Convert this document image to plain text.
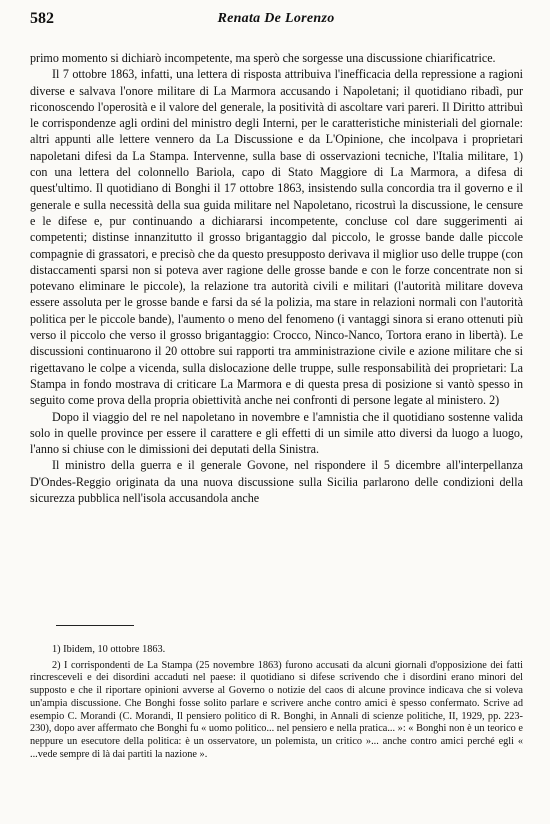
582	Renata De Lorenzo

primo momento si dichiarò incompetente, ma sperò che sorgesse una discussione chiarificatrice.

Il 7 ottobre 1863, infatti, una lettera di risposta attribuiva l'inefficacia della repressione a ragioni diverse e salvava l'onore militare di La Marmora accusando i Napoletani; il quotidiano ribadì, pur riconoscendo l'operosità e il valore del generale, la positività di ascoltare vari pareri. Il Diritto attribuì le corrispondenze agli ordini del ministro degli Interni, per le caratteristiche ministeriali del giornale: altri appunti alle lettere vennero da La Discussione e da L'Opinione, che incolpava i proprietari napoletani difesi da La Stampa. Intervenne, sulla base di osservazioni tecniche, l'Italia militare, 1) con una lettera del colonnello Bariola, capo di Stato Maggiore di La Marmora, a difesa di quest'ultimo. Il quotidiano di Bonghi il 17 ottobre 1863, insistendo sulla concordia tra il governo e il generale e sulla necessità della sua guida militare nel Napoletano, ricostruì la discussione, le censure e le difese e, pur continuando a dichiararsi incompetente, concluse col dare suggerimenti ai competenti; distinse innanzitutto il grosso brigantaggio dal piccolo, le grosse bande dalle piccole compagnie di grassatori, e precisò che da questo presupposto derivava il miglior uso delle truppe (con distaccamenti sparsi non si poteva aver ragione delle grosse bande e con le forze concentrate non si potevano eliminare le piccole), la relazione tra autorità civili e militari (l'autorità militare doveva essere assoluta per le grosse bande e farsi da sé la polizia, ma stare in relazioni normali con l'autorità politica per le piccole bande), l'aumento o meno del fenomeno (i vantaggi sinora si erano ottenuti più verso il piccolo che verso il grosso brigantaggio: Crocco, Ninco-Nanco, Tortora erano in libertà). Le discussioni continuarono il 20 ottobre sui rapporti tra amministrazione civile e azione militare che si rigettavano le colpe a vicenda, sulla dislocazione delle truppe, sulle responsabilità dei proprietari: La Stampa in fondo mostrava di criticare La Marmora e di questa presa di posizione si vantò spesso in seguito come prova della propria obiettività anche nei confronti di persone legate al ministero. 2)

Dopo il viaggio del re nel napoletano in novembre e l'amnistia che il quotidiano sostenne valida solo in quelle province per essere il carattere e gli effetti di un simile atto diversi da luogo a luogo, l'anno si chiuse con le dimissioni dei deputati della Sinistra.

Il ministro della guerra e il generale Govone, nel rispondere il 5 dicembre all'interpellanza D'Ondes-Reggio originata da una nuova discussione sulla Sicilia parlarono delle condizioni della sicurezza pubblica nell'isola accusandola anche

1) Ibidem, 10 ottobre 1863.

2) I corrispondenti de La Stampa (25 novembre 1863) furono accusati da alcuni giornali d'opposizione dei fatti rincresceveli e dei disordini accaduti nel paese: il quotidiano si difese scrivendo che i disordini erano minori del supposto e che il riportare opinioni avverse al Governo o notizie del caos di alcune province indicava che si voleva un'ampia discussione. Che Bonghi fosse solito parlare e scrivere anche contro amici è spesso confermato. Scrive ad esempio C. Morandi (C. Morandi, Il pensiero politico di R. Bonghi, in Annali di scienze politiche, II, 1929, pp. 223-230), dopo aver affermato che Bonghi fu « uomo politico... nel pensiero e nella pratica... »: « Bonghi non è un teorico e neppure un esecutore della politica: è un osservatore, un polemista, un critico »... anche contro amici perché egli « ...vede sempre di là dai partiti la nazione ».
